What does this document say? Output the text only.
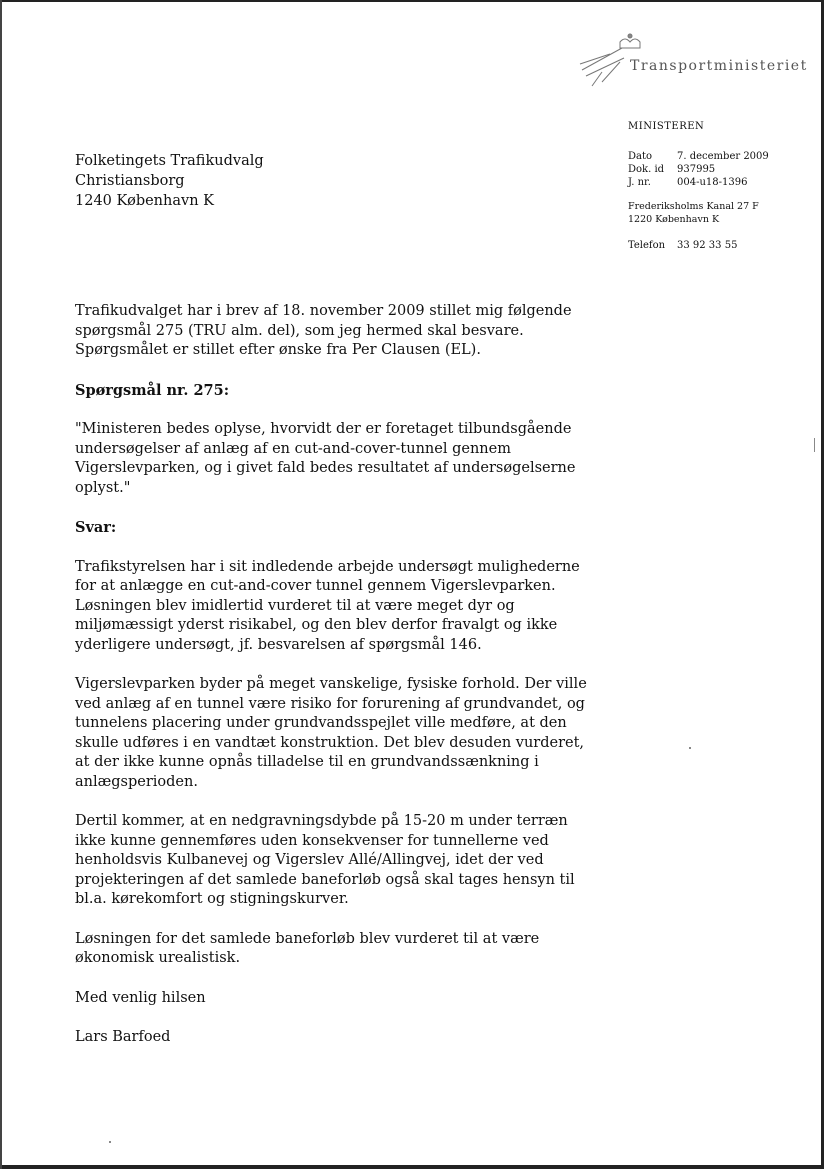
Transportministeriet
MINISTEREN
Dato	7. december 2009
Dok. id	937995
J. nr.	004-u18-1396
Frederiksholms Kanal 27 F
1220 København K
Telefon	33 92 33 55
Folketingets Trafikudvalg
Christiansborg
1240 København K

Trafikudvalget har i brev af 18. november 2009 stillet mig følgende spørgsmål 275 (TRU alm. del), som jeg hermed skal besvare. Spørgsmålet er stillet efter ønske fra Per Clausen (EL).

Spørgsmål nr. 275:

"Ministeren bedes oplyse, hvorvidt der er foretaget tilbundsgående undersøgelser af anlæg af en cut-and-cover-tunnel gennem Vigerslevparken, og i givet fald bedes resultatet af undersøgelserne oplyst."

Svar:

Trafikstyrelsen har i sit indledende arbejde undersøgt mulighederne for at anlægge en cut-and-cover tunnel gennem Vigerslevparken. Løsningen blev imidlertid vurderet til at være meget dyr og miljømæssigt yderst risikabel, og den blev derfor fravalgt og ikke yderligere undersøgt, jf. besvarelsen af spørgsmål 146.

Vigerslevparken byder på meget vanskelige, fysiske forhold. Der ville ved anlæg af en tunnel være risiko for forurening af grundvandet, og tunnelens placering under grundvandsspejlet ville medføre, at den skulle udføres i en vandtæt konstruktion. Det blev desuden vurderet, at der ikke kunne opnås tilladelse til en grundvandssænkning i anlægsperioden.

Dertil kommer, at en nedgravningsdybde på 15-20 m under terræn ikke kunne gennemføres uden konsekvenser for tunnellerne ved henholdsvis Kulbanevej og Vigerslev Allé/Allingvej, idet der ved projekteringen af det samlede baneforløb også skal tages hensyn til bl.a. kørekomfort og stigningskurver.

Løsningen for det samlede baneforløb blev vurderet til at være økonomisk urealistisk.

Med venlig hilsen

Lars Barfoed
